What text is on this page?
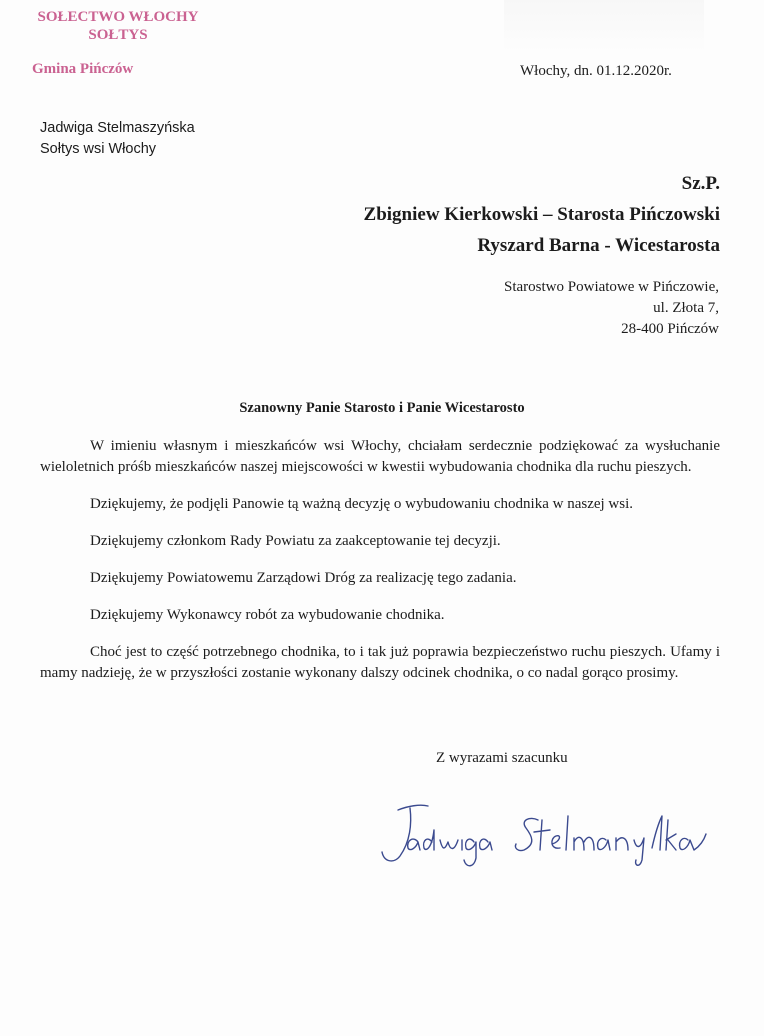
SOŁECTWO WŁOCHY
SOŁTYS
Gmina Pińczów	Włochy, dn. 01.12.2020r.
Jadwiga Stelmaszyńska
Sołtys wsi Włochy
Sz.P.
Zbigniew Kierkowski – Starosta Pińczowski
Ryszard Barna - Wicestarosta
Starostwo Powiatowe w Pińczowie,
ul. Złota 7,
28-400 Pińczów
Szanowny Panie Starosto i Panie Wicestarosto

W imieniu własnym i mieszkańców wsi Włochy, chciałam serdecznie podziękować za wysłuchanie wieloletnich próśb mieszkańców naszej miejscowości w kwestii wybudowania chodnika dla ruchu pieszych.

Dziękujemy, że podjęli Panowie tą ważną decyzję o wybudowaniu chodnika w naszej wsi.

Dziękujemy członkom Rady Powiatu za zaakceptowanie tej decyzji.

Dziękujemy Powiatowemu Zarządowi Dróg za realizację tego zadania.

Dziękujemy Wykonawcy robót za wybudowanie chodnika.

Choć jest to część potrzebnego chodnika, to i tak już poprawia bezpieczeństwo ruchu pieszych. Ufamy i mamy nadzieję, że w przyszłości zostanie wykonany dalszy odcinek chodnika, o co nadal gorąco prosimy.

Z wyrazami szacunku
